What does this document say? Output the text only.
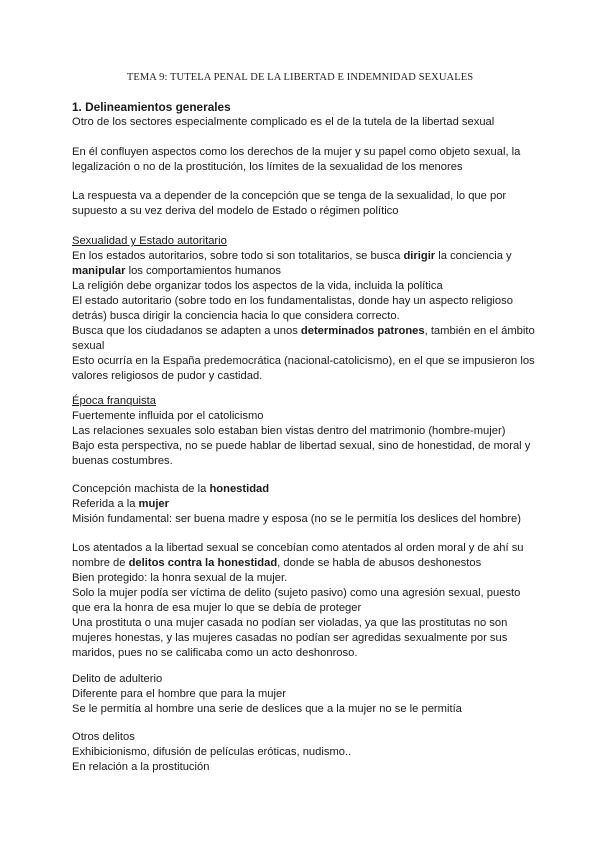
TEMA 9: TUTELA PENAL DE LA LIBERTAD E INDEMNIDAD SEXUALES

1. Delineamientos generales

Otro de los sectores especialmente complicado es el de la tutela de la libertad sexual

En él confluyen aspectos como los derechos de la mujer y su papel como objeto sexual, la legalización o no de la prostitución, los límites de la sexualidad de los menores

La respuesta va a depender de la concepción que se tenga de la sexualidad, lo que por supuesto a su vez deriva del modelo de Estado o régimen político

Sexualidad y Estado autoritario

En los estados autoritarios, sobre todo si son totalitarios, se busca dirigir la conciencia y manipular los comportamientos humanos

La religión debe organizar todos los aspectos de la vida, incluida la política

El estado autoritario (sobre todo en los fundamentalistas, donde hay un aspecto religioso detrás) busca dirigir la conciencia hacia lo que considera correcto.

Busca que los ciudadanos se adapten a unos determinados patrones, también en el ámbito sexual

Esto ocurría en la España predemocrática (nacional-catolicismo), en el que se impusieron los valores religiosos de pudor y castidad.

Época franquista

Fuertemente influida por el catolicismo

Las relaciones sexuales solo estaban bien vistas dentro del matrimonio (hombre-mujer)

Bajo esta perspectiva, no se puede hablar de libertad sexual, sino de honestidad, de moral y buenas costumbres.

Concepción machista de la honestidad

Referida a la mujer

Misión fundamental: ser buena madre y esposa (no se le permitía los deslices del hombre)

Los atentados a la libertad sexual se concebían como atentados al orden moral y de ahí su nombre de delitos contra la honestidad, donde se habla de abusos deshonestos

Bien protegido: la honra sexual de la mujer.

Solo la mujer podía ser víctima de delito (sujeto pasivo) como una agresión sexual, puesto que era la honra de esa mujer lo que se debía de proteger

Una prostituta o una mujer casada no podían ser violadas, ya que las prostitutas no son mujeres honestas, y las mujeres casadas no podían ser agredidas sexualmente por sus maridos, pues no se calificaba como un acto deshonroso.

Delito de adulterio

Diferente para el hombre que para la mujer

Se le permitía al hombre una serie de deslices que a la mujer no se le permitía

Otros delitos

Exhibicionismo, difusión de películas eróticas, nudismo..

En relación a la prostitución
